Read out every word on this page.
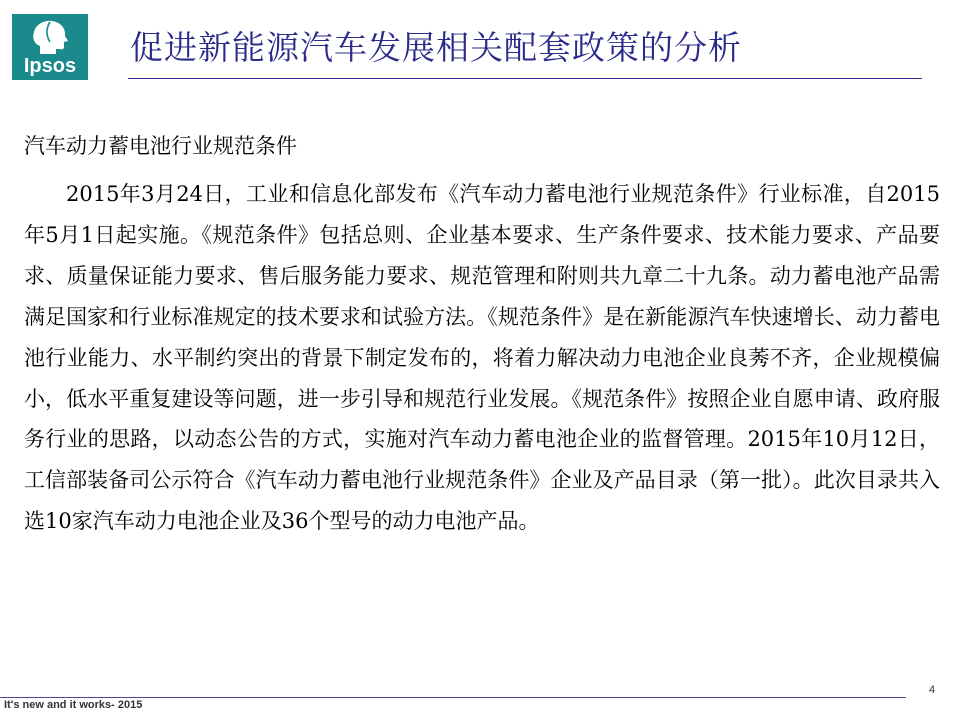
Ipsos	促进新能源汽车发展相关配套政策的分析
汽车动力蓄电池行业规范条件
2015年3月24日，工业和信息化部发布《汽车动力蓄电池行业规范条件》行业标准，自2015年5月1日起实施。《规范条件》包括总则、企业基本要求、生产条件要求、技术能力要求、产品要求、质量保证能力要求、售后服务能力要求、规范管理和附则共九章二十九条。动力蓄电池产品需满足国家和行业标准规定的技术要求和试验方法。《规范条件》是在新能源汽车快速增长、动力蓄电池行业能力、水平制约突出的背景下制定发布的，将着力解决动力电池企业良莠不齐，企业规模偏小，低水平重复建设等问题，进一步引导和规范行业发展。《规范条件》按照企业自愿申请、政府服务行业的思路，以动态公告的方式，实施对汽车动力蓄电池企业的监督管理。2015年10月12日，工信部装备司公示符合《汽车动力蓄电池行业规范条件》企业及产品目录（第一批）。此次目录共入选10家汽车动力电池企业及36个型号的动力电池产品。
It's new and it works- 2015
4
